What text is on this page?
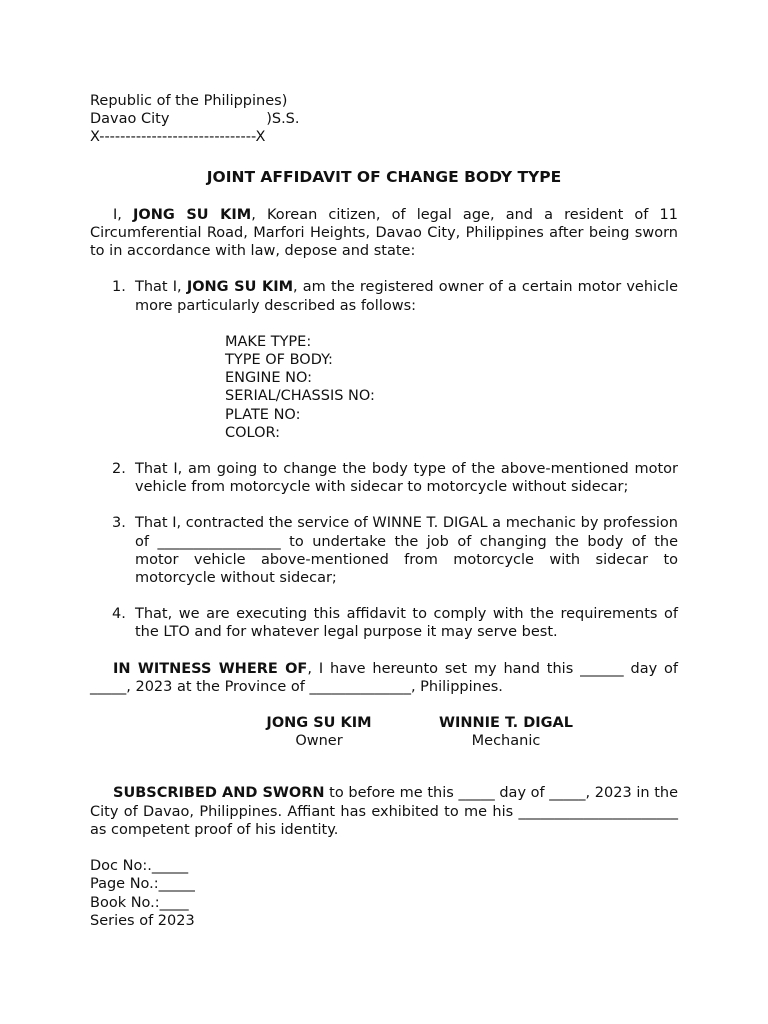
Republic of the Philippines)
Davao City                     )S.S.
X------------------------------X
JOINT AFFIDAVIT OF CHANGE BODY TYPE

I, JONG SU KIM, Korean citizen, of legal age, and a resident of 11 Circumferential Road, Marfori Heights, Davao City, Philippines after being sworn to in accordance with law, depose and state:

1. That I, JONG SU KIM, am the registered owner of a certain motor vehicle more particularly described as follows:
MAKE TYPE:
TYPE OF BODY:
ENGINE NO:
SERIAL/CHASSIS NO:
PLATE NO:
COLOR:
2. That I, am going to change the body type of the above-mentioned motor vehicle from motorcycle with sidecar to motorcycle without sidecar;
3. That I, contracted the service of WINNE T. DIGAL a mechanic by profession of _________________ to undertake the job of changing the body of the motor vehicle above-mentioned from motorcycle with sidecar to motorcycle without sidecar;
4. That, we are executing this affidavit to comply with the requirements of the LTO and for whatever legal purpose it may serve best.

IN WITNESS WHERE OF, I have hereunto set my hand this ______ day of _____, 2023 at the Province of ______________, Philippines.

JONG SU KIM
Owner
WINNIE T. DIGAL
Mechanic

SUBSCRIBED AND SWORN to before me this _____ day of _____, 2023 in the City of Davao, Philippines. Affiant has exhibited to me his ______________________ as competent proof of his identity.

Doc No:._____
Page No.:_____
Book No.:____
Series of 2023
